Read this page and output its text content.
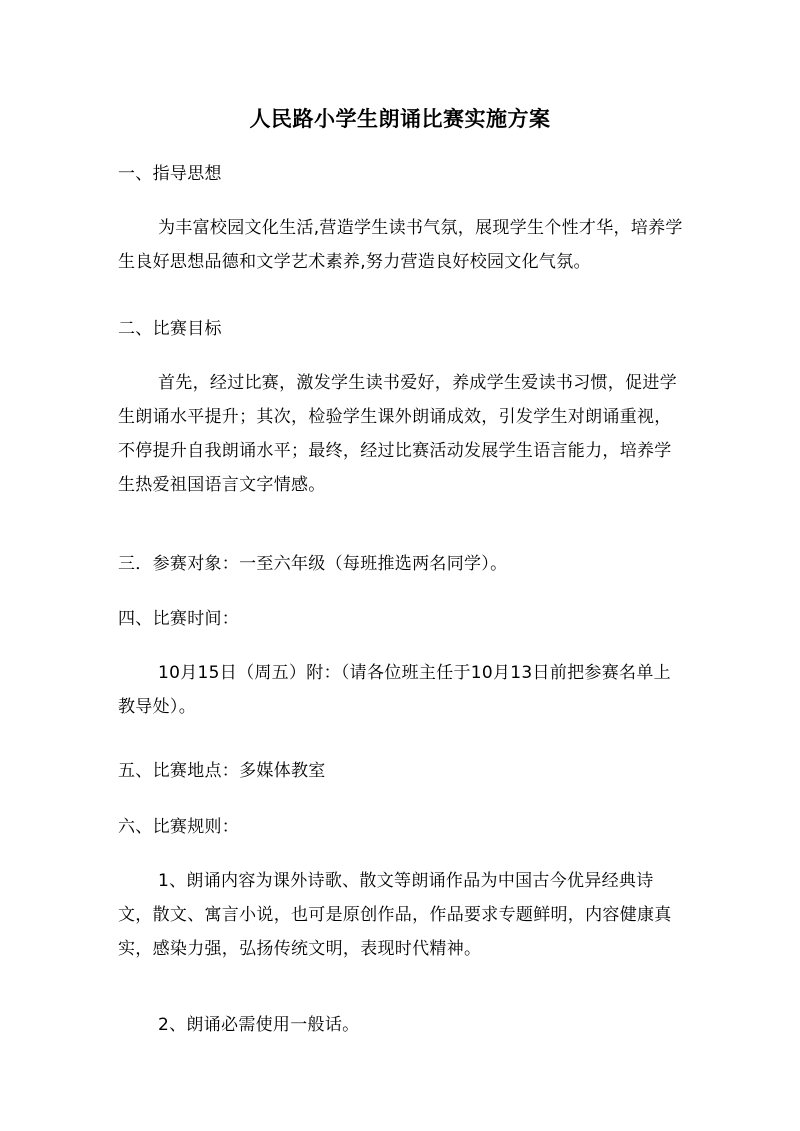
人民路小学生朗诵比赛实施方案
一、指导思想
为丰富校园文化生活,营造学生读书气氛，展现学生个性才华，培养学生良好思想品德和文学艺术素养,努力营造良好校园文化气氛。
二、比赛目标
首先，经过比赛，激发学生读书爱好，养成学生爱读书习惯，促进学生朗诵水平提升；其次，检验学生课外朗诵成效，引发学生对朗诵重视，不停提升自我朗诵水平；最终，经过比赛活动发展学生语言能力，培养学生热爱祖国语言文字情感。
三．参赛对象：一至六年级（每班推选两名同学）。
四、比赛时间：
10月15日（周五）附：（请各位班主任于10月13日前把参赛名单上教导处）。
五、比赛地点：多媒体教室
六、比赛规则：
1、朗诵内容为课外诗歌、散文等朗诵作品为中国古今优异经典诗文，散文、寓言小说，也可是原创作品，作品要求专题鲜明，内容健康真实，感染力强，弘扬传统文明，表现时代精神。
2、朗诵必需使用一般话。
